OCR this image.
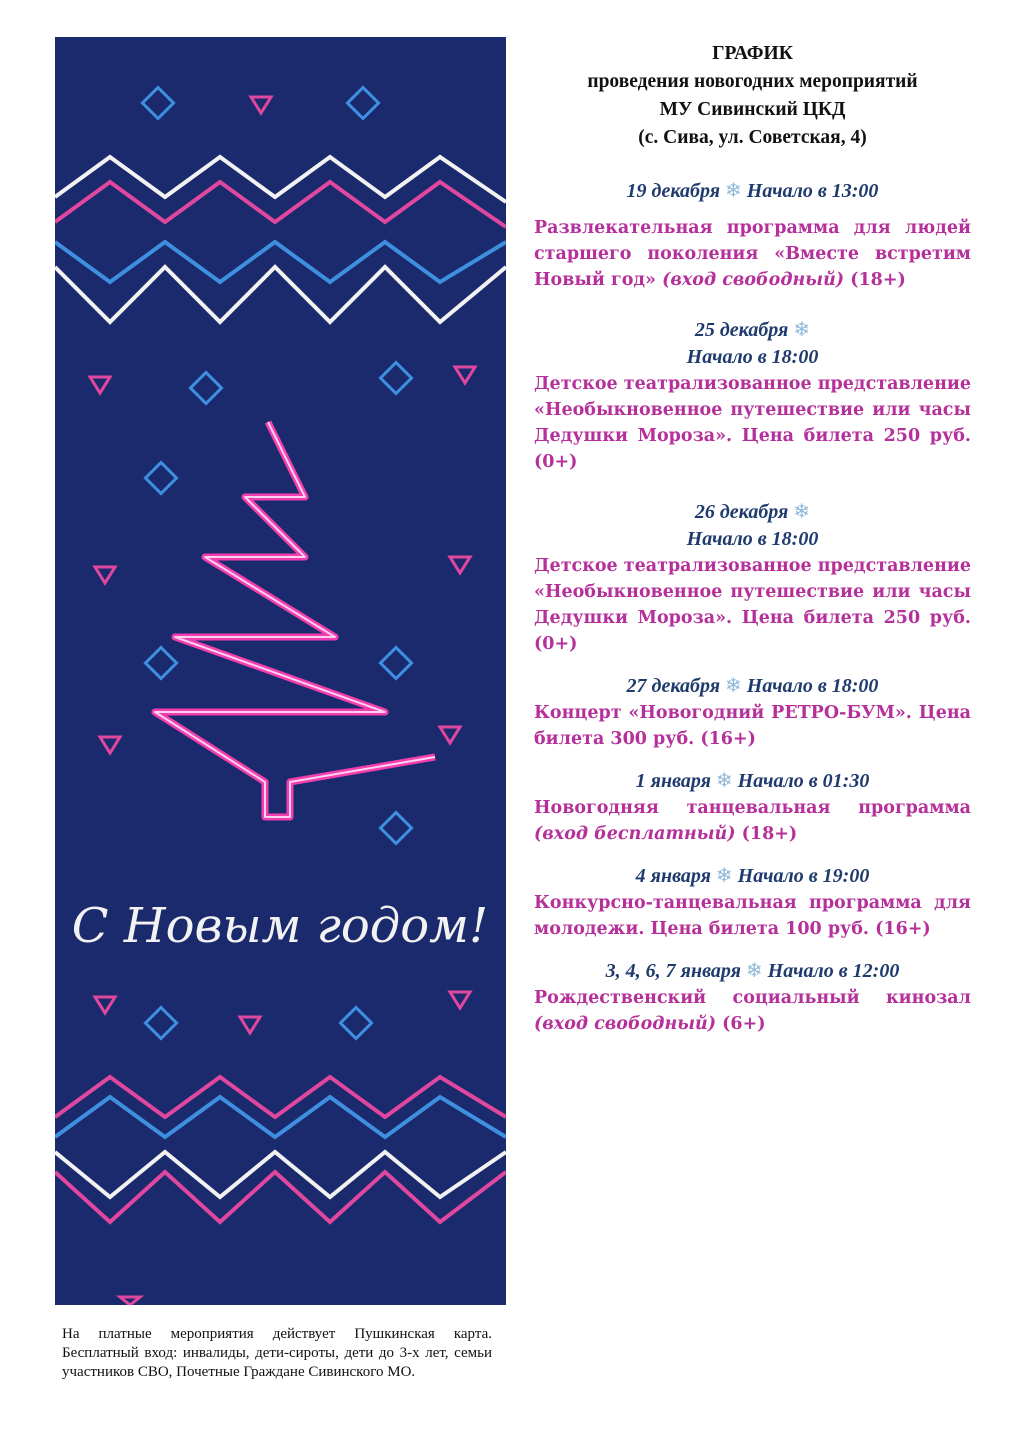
С Новым годом!
На платные мероприятия действует Пушкинская карта. Бесплатный вход: инвалиды, дети-сироты, дети до 3-х лет, семьи участников СВО, Почетные Граждане Сивинского МО.
ГРАФИК
проведения новогодних мероприятий
МУ Сивинский ЦКД
(с. Сива, ул. Советская, 4)
19 декабря ❄ Начало в 13:00
Развлекательная программа для людей старшего поколения «Вместе встретим Новый год» (вход свободный) (18+)
25 декабря ❄
Начало в 18:00
Детское театрализованное представление «Необыкновенное путешествие или часы Дедушки Мороза». Цена билета 250 руб. (0+)
26 декабря ❄
Начало в 18:00
Детское театрализованное представление «Необыкновенное путешествие или часы Дедушки Мороза». Цена билета 250 руб. (0+)
27 декабря ❄ Начало в 18:00
Концерт «Новогодний РЕТРО-БУМ». Цена билета 300 руб. (16+)
1 января ❄ Начало в 01:30
Новогодняя танцевальная программа (вход бесплатный) (18+)
4 января ❄ Начало в 19:00
Конкурсно-танцевальная программа для молодежи. Цена билета 100 руб. (16+)
3, 4, 6, 7 января ❄ Начало в 12:00
Рождественский социальный кинозал (вход свободный) (6+)
